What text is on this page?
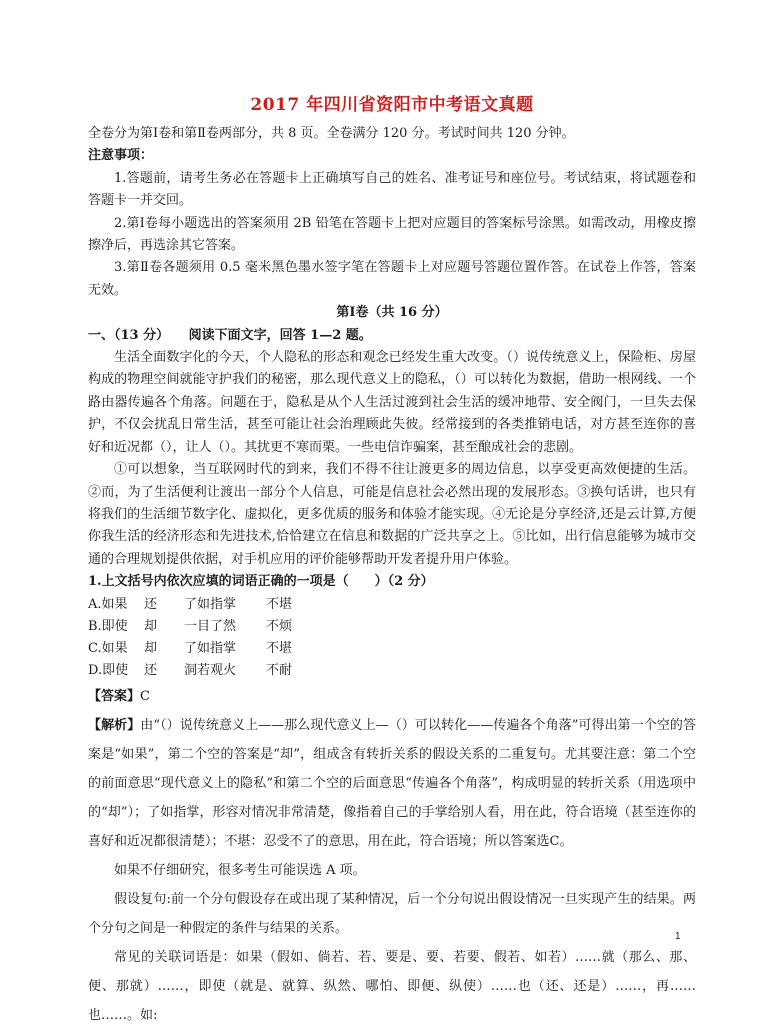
2017 年四川省资阳市中考语文真题

全卷分为第Ⅰ卷和第Ⅱ卷两部分，共 8 页。全卷满分 120 分。考试时间共 120 分钟。

注意事项：

1.答题前，请考生务必在答题卡上正确填写自己的姓名、准考证号和座位号。考试结束，将试题卷和答题卡一并交回。

2.第Ⅰ卷每小题选出的答案须用 2B 铅笔在答题卡上把对应题目的答案标号涂黑。如需改动，用橡皮擦擦净后，再选涂其它答案。

3.第Ⅱ卷各题须用 0.5 毫米黑色墨水签字笔在答题卡上对应题号答题位置作答。在试卷上作答，答案无效。

第Ⅰ卷（共 16 分）

一、（13 分）　　阅读下面文字，回答 1—2 题。

生活全面数字化的今天，个人隐私的形态和观念已经发生重大改变。（）说传统意义上，保险柜、房屋构成的物理空间就能守护我们的秘密，那么现代意义上的隐私，（）可以转化为数据，借助一根网线、一个路由器传遍各个角落。问题在于，隐私是从个人生活过渡到社会生活的缓冲地带、安全阀门，一旦失去保护，不仅会扰乱日常生活，甚至可能让社会治理顾此失彼。经常接到的各类推销电话，对方甚至连你的喜好和近况都（），让人（）。其扰更不寒而栗。一些电信诈骗案，甚至酿成社会的悲剧。

①可以想象，当互联网时代的到来，我们不得不往让渡更多的周边信息，以享受更高效便捷的生活。②而，为了生活便利让渡出一部分个人信息，可能是信息社会必然出现的发展形态。③换句话讲，也只有将我们的生活细节数字化、虚拟化，更多优质的服务和体验才能实现。④无论是分享经济,还是云计算,方便你我生活的经济形态和先进技术,恰恰建立在信息和数据的广泛共享之上。⑤比如，出行信息能够为城市交通的合理规划提供依据，对手机应用的评价能够帮助开发者提升用户体验。

1.上文括号内依次应填的词语正确的一项是（　　）（2 分）

A.如果	还	了如指掌	不堪
B.即使	却	一目了然	不烦
C.如果	却	了如指掌	不堪
D.即使	还	洞若观火	不耐

【答案】C

【解析】由“（）说传统意义上——那么现代意义上—（）可以转化——传遍各个角落”可得出第一个空的答案是“如果”，第二个空的答案是“却”，组成含有转折关系的假设关系的二重复句。尤其要注意：第二个空的前面意思“现代意义上的隐私”和第二个空的后面意思“传遍各个角落”，构成明显的转折关系（用选项中的“却”）；了如指掌，形容对情况非常清楚，像指着自己的手掌给别人看，用在此，符合语境（甚至连你的喜好和近况都很清楚）；不堪：忍受不了的意思，用在此，符合语境；所以答案选C。

如果不仔细研究，很多考生可能误选 A 项。

假设复句:前一个分句假设存在或出现了某种情况，后一个分句说出假设情况一旦实现产生的结果。两个分句之间是一种假定的条件与结果的关系。

常见的关联词语是：如果（假如、倘若、若、要是、要、若要、假若、如若）……就（那么、那、便、那就）……，即使（就是、就算、纵然、哪怕、即便、纵使）……也（还、还是）……，再……也……。如:

1
